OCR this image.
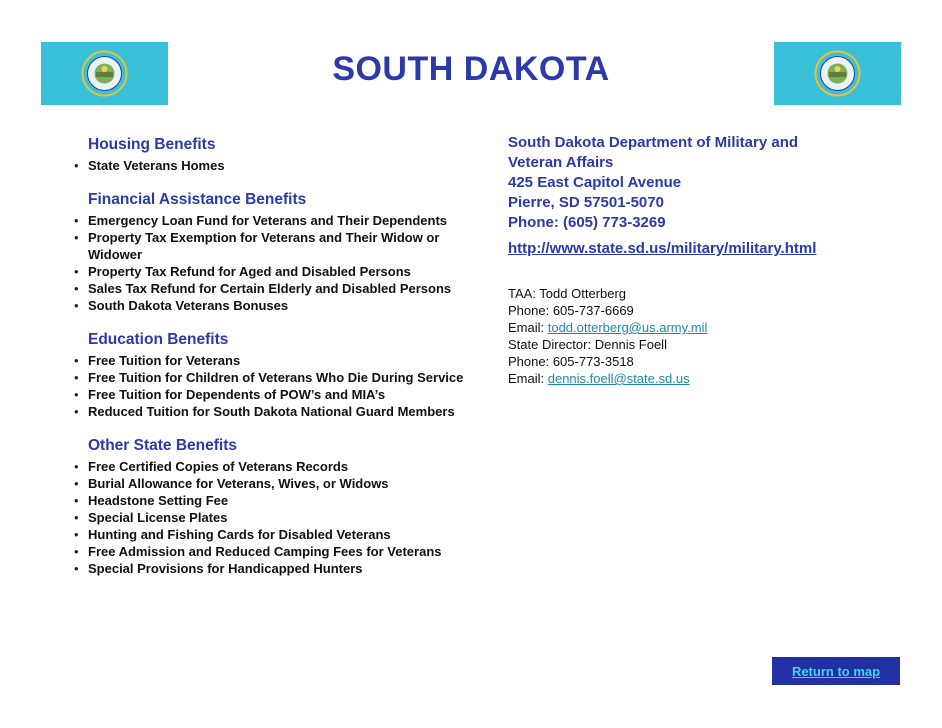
SOUTH DAKOTA
Housing Benefits
• State Veterans Homes
Financial Assistance Benefits
• Emergency Loan Fund for Veterans and Their Dependents
• Property Tax Exemption for Veterans and Their Widow or Widower
• Property Tax Refund for Aged and Disabled Persons
• Sales Tax Refund for Certain Elderly and Disabled Persons
• South Dakota Veterans Bonuses
Education Benefits
• Free Tuition for Veterans
• Free Tuition for Children of Veterans Who Die During Service
• Free Tuition for Dependents of POW’s and MIA’s
• Reduced Tuition for South Dakota National Guard Members
Other State Benefits
• Free Certified Copies of Veterans Records
• Burial Allowance for Veterans, Wives, or Widows
• Headstone Setting Fee
• Special License Plates
• Hunting and Fishing Cards for Disabled Veterans
• Free Admission and Reduced Camping Fees for Veterans
• Special Provisions for Handicapped Hunters
South Dakota Department of Military and
Veteran Affairs
425 East Capitol Avenue
Pierre, SD 57501-5070
Phone: (605) 773-3269
http://www.state.sd.us/military/military.html
TAA: Todd Otterberg
Phone: 605-737-6669
Email: todd.otterberg@us.army.mil
State Director: Dennis Foell
Phone: 605-773-3518
Email: dennis.foell@state.sd.us
Return to map
